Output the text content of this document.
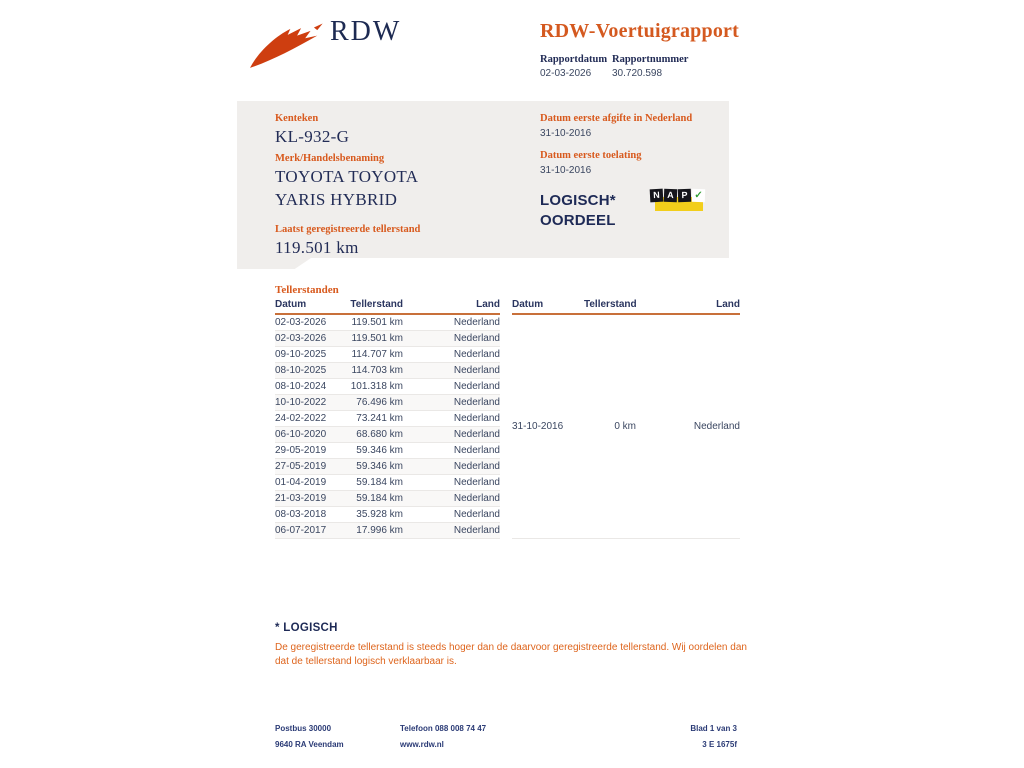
RDW	RDW-Voertuigrapport
Rapportdatum
02-03-2026
Rapportnummer
30.720.598
Kenteken
KL-932-G
Merk/Handelsbenaming
TOYOTA TOYOTA
YARIS HYBRID
Laatst geregistreerde tellerstand
119.501 km
Datum eerste afgifte in Nederland
31-10-2016
Datum eerste toelating
31-10-2016
LOGISCH*
OORDEEL
N A P ✓
Tellerstanden
Datum	Tellerstand	Land
02-03-2026	119.501 km	Nederland
02-03-2026	119.501 km	Nederland
09-10-2025	114.707 km	Nederland
08-10-2025	114.703 km	Nederland
08-10-2024	101.318 km	Nederland
10-10-2022	76.496 km	Nederland
24-02-2022	73.241 km	Nederland
06-10-2020	68.680 km	Nederland
29-05-2019	59.346 km	Nederland
27-05-2019	59.346 km	Nederland
01-04-2019	59.184 km	Nederland
21-03-2019	59.184 km	Nederland
08-03-2018	35.928 km	Nederland
06-07-2017	17.996 km	Nederland
Datum	Tellerstand	Land
31-10-2016	0 km	Nederland
* LOGISCH
De geregistreerde tellerstand is steeds hoger dan de daarvoor geregistreerde tellerstand. Wij oordelen dan dat de tellerstand logisch verklaarbaar is.
Postbus 30000	Telefoon 088 008 74 47	Blad 1 van 3
9640 RA Veendam	www.rdw.nl	3 E 1675f
